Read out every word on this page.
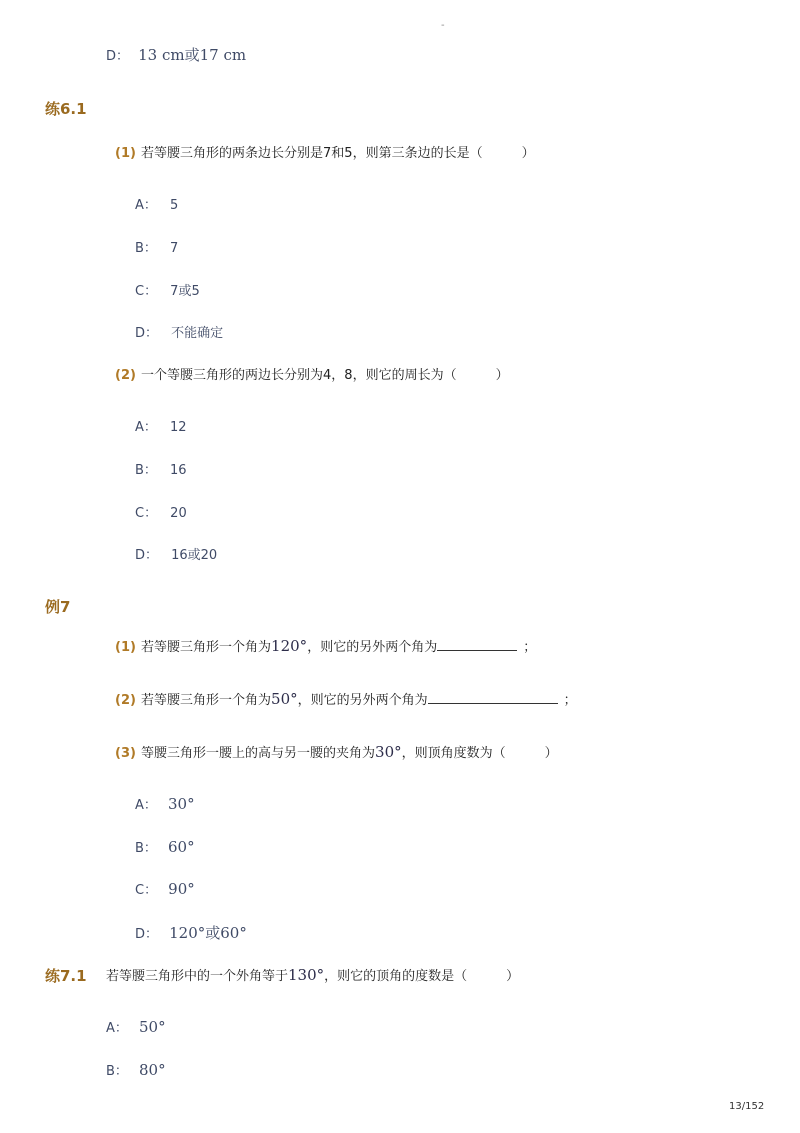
-
D： 13 cm或17 cm
练6.1
(1) 若等腰三角形的两条边长分别是7和5，则第三条边的长是（　　　）
A： 5
B： 7
C： 7或5
D： 不能确定
(2) 一个等腰三角形的两边长分别为4，8，则它的周长为（　　　）
A： 12
B： 16
C： 20
D： 16或20
例7
(1) 若等腰三角形一个角为120°，则它的另外两个角为	；
(2) 若等腰三角形一个角为50°，则它的另外两个角为	；
(3) 等腰三角形一腰上的高与另一腰的夹角为30°，则顶角度数为（　　　）
A： 30°
B： 60°
C： 90°
D： 120°或60°
练7.1 若等腰三角形中的一个外角等于130°，则它的顶角的度数是（　　　）
A： 50°
B： 80°
13/152
